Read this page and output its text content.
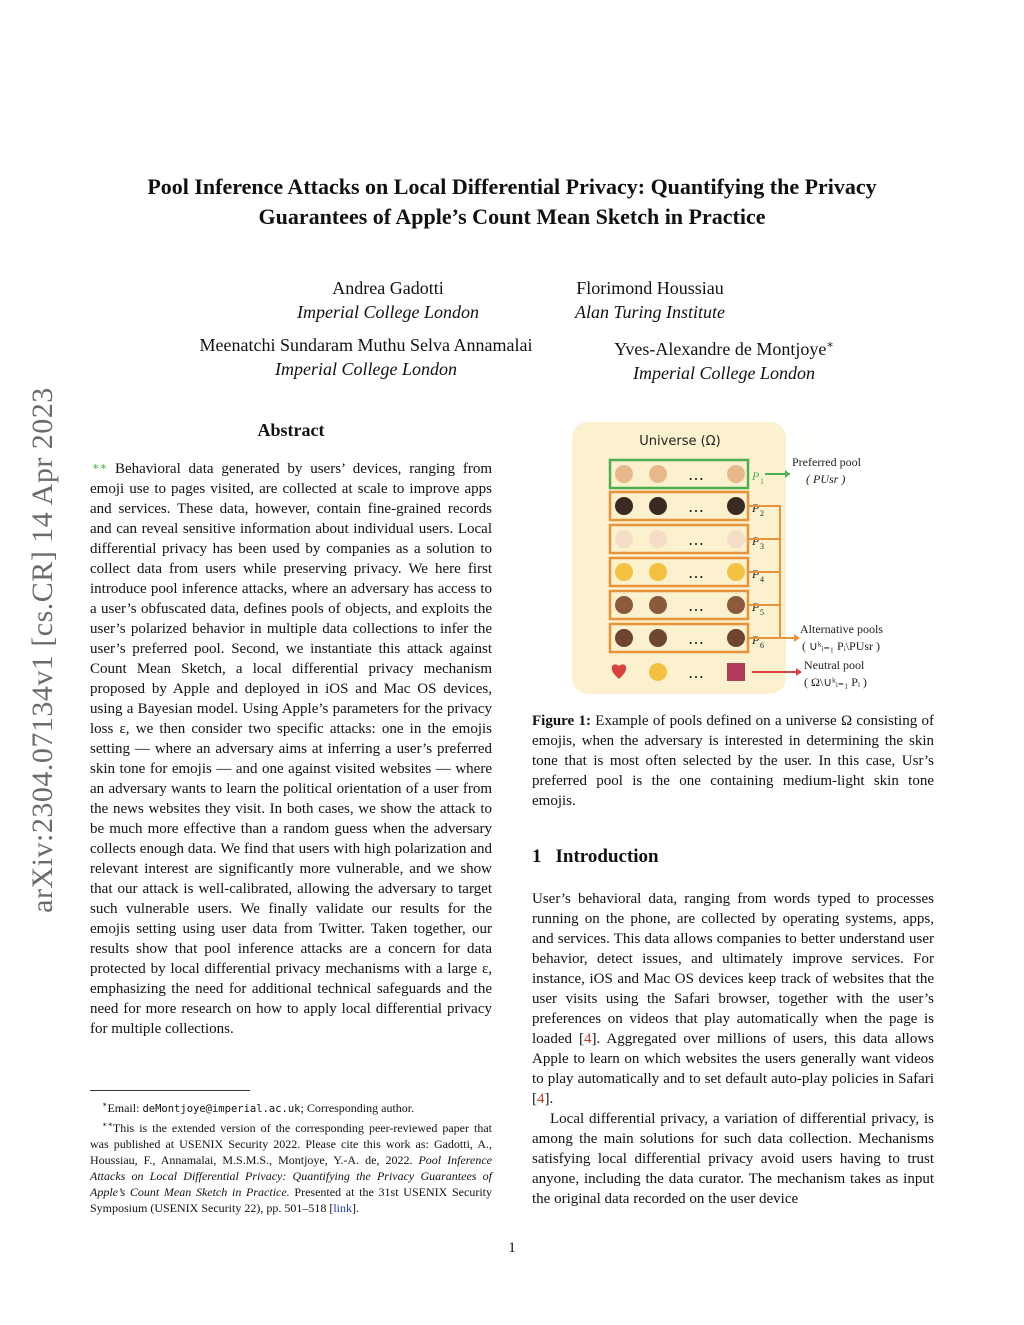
arXiv:2304.07134v1 [cs.CR] 14 Apr 2023
Pool Inference Attacks on Local Differential Privacy: Quantifying the Privacy
Guarantees of Apple’s Count Mean Sketch in Practice
Andrea Gadotti
Imperial College London
Florimond Houssiau
Alan Turing Institute
Meenatchi Sundaram Muthu Selva Annamalai
Imperial College London
Yves-Alexandre de Montjoye∗
Imperial College London
Abstract
∗∗ Behavioral data generated by users’ devices, ranging from emoji use to pages visited, are collected at scale to improve apps and services. These data, however, contain fine-grained records and can reveal sensitive information about individual users. Local differential privacy has been used by companies as a solution to collect data from users while preserving privacy. We here first introduce pool inference attacks, where an adversary has access to a user’s obfuscated data, defines pools of objects, and exploits the user’s polarized behavior in multiple data collections to infer the user’s preferred pool. Second, we instantiate this attack against Count Mean Sketch, a local differential privacy mechanism proposed by Apple and deployed in iOS and Mac OS devices, using a Bayesian model. Using Apple’s parameters for the privacy loss ε, we then consider two specific attacks: one in the emojis setting — where an adversary aims at inferring a user’s preferred skin tone for emojis — and one against visited websites — where an adversary wants to learn the political orientation of a user from the news websites they visit. In both cases, we show the attack to be much more effective than a random guess when the adversary collects enough data. We find that users with high polarization and relevant interest are significantly more vulnerable, and we show that our attack is well-calibrated, allowing the adversary to target such vulnerable users. We finally validate our results for the emojis setting using user data from Twitter. Taken together, our results show that pool inference attacks are a concern for data protected by local differential privacy mechanisms with a large ε, emphasizing the need for additional technical safeguards and the need for more research on how to apply local differential privacy for multiple collections.
∗Email: deMontjoye@imperial.ac.uk; Corresponding author.
∗∗This is the extended version of the corresponding peer-reviewed paper that was published at USENIX Security 2022. Please cite this work as: Gadotti, A., Houssiau, F., Annamalai, M.S.M.S., Montjoye, Y.-A. de, 2022. Pool Inference Attacks on Local Differential Privacy: Quantifying the Privacy Guarantees of Apple’s Count Mean Sketch in Practice. Presented at the 31st USENIX Security Symposium (USENIX Security 22), pp. 501–518 [link].
Universe (Ω)
…	P 1
…	P 2
…	P 3
…	P 4
…	P 5
…	P 6
…
Preferred pool
( PUsr )
Alternative pools
( ∪ᵏᵢ₌₁ Pᵢ\PUsr )
Neutral pool
( Ω\∪ᵏᵢ₌₁ Pᵢ )
Figure 1: Example of pools defined on a universe Ω consisting of emojis, when the adversary is interested in determining the skin tone that is most often selected by the user. In this case, Usr’s preferred pool is the one containing medium-light skin tone emojis.
1 Introduction

User’s behavioral data, ranging from words typed to processes running on the phone, are collected by operating systems, apps, and services. This data allows companies to better understand user behavior, detect issues, and ultimately improve services. For instance, iOS and Mac OS devices keep track of websites that the user visits using the Safari browser, together with the user’s preferences on videos that play automatically when the page is loaded [4]. Aggregated over millions of users, this data allows Apple to learn on which websites the users generally want videos to play automatically and to set default auto-play policies in Safari [4].

Local differential privacy, a variation of differential privacy, is among the main solutions for such data collection. Mechanisms satisfying local differential privacy avoid users having to trust anyone, including the data curator. The mechanism takes as input the original data recorded on the user device

1
